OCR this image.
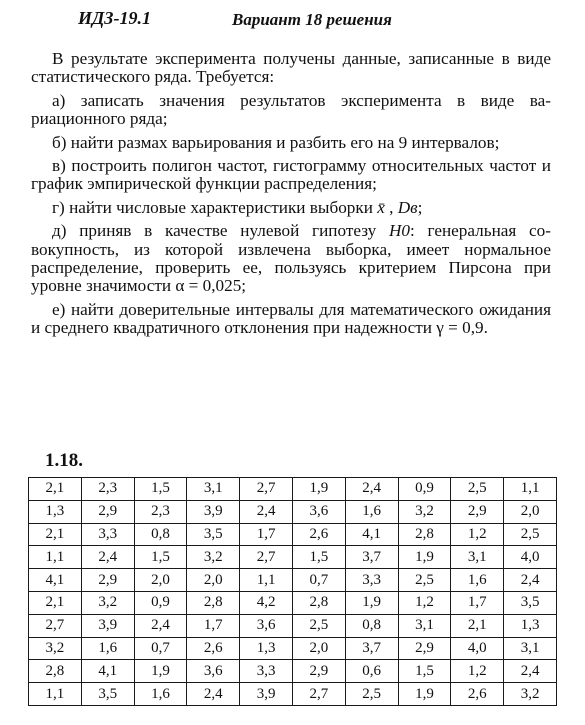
ИДЗ-19.1	Вариант 18 решения

В результате эксперимента получены данные, записанные в виде статистического ряда. Требуется:

а) записать значения результатов эксперимента в виде вариационного ряда;

б) найти размах варьирования и разбить его на 9 интервалов;

в) построить полигон частот, гистограмму относительных частот и график эмпирической функции распределения;

г) найти числовые характеристики выборки x̄ , Dв;

д) приняв в качестве нулевой гипотезу H0: генеральная совокупность, из которой извлечена выборка, имеет нормальное распределение, проверить ее, пользуясь критерием Пирсона при уровне значимости α = 0,025;

е) найти доверительные интервалы для математического ожидания и среднего квадратичного отклонения при надежности γ = 0,9.

1.18.
2,1	2,3	1,5	3,1	2,7	1,9	2,4	0,9	2,5	1,1
1,3	2,9	2,3	3,9	2,4	3,6	1,6	3,2	2,9	2,0
2,1	3,3	0,8	3,5	1,7	2,6	4,1	2,8	1,2	2,5
1,1	2,4	1,5	3,2	2,7	1,5	3,7	1,9	3,1	4,0
4,1	2,9	2,0	2,0	1,1	0,7	3,3	2,5	1,6	2,4
2,1	3,2	0,9	2,8	4,2	2,8	1,9	1,2	1,7	3,5
2,7	3,9	2,4	1,7	3,6	2,5	0,8	3,1	2,1	1,3
3,2	1,6	0,7	2,6	1,3	2,0	3,7	2,9	4,0	3,1
2,8	4,1	1,9	3,6	3,3	2,9	0,6	1,5	1,2	2,4
1,1	3,5	1,6	2,4	3,9	2,7	2,5	1,9	2,6	3,2
